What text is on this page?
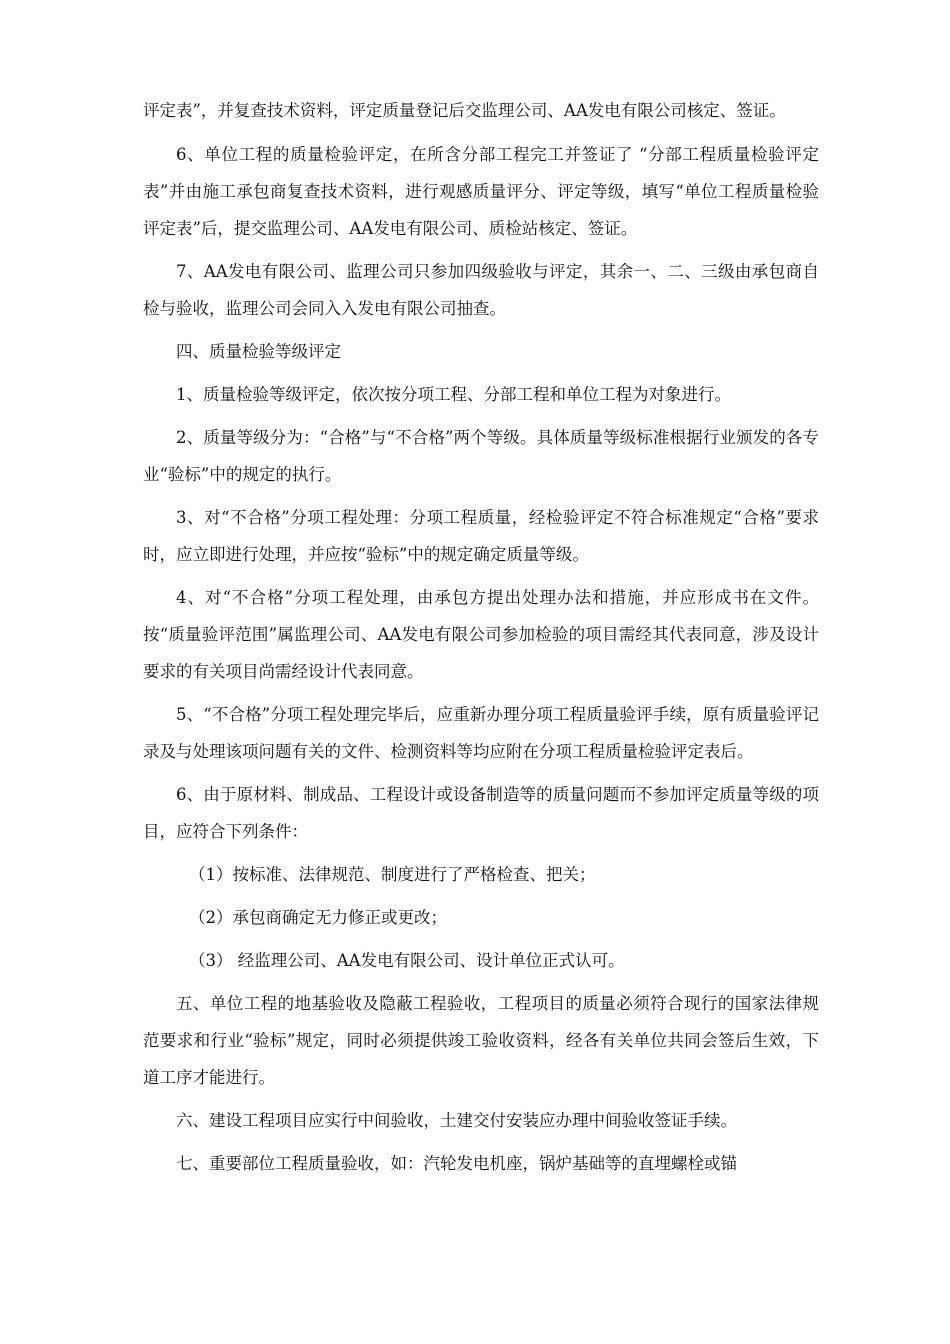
评定表”，并复查技术资料，评定质量登记后交监理公司、AA发电有限公司核定、签证。

6、单位工程的质量检验评定，在所含分部工程完工并签证了 “分部工程质量检验评定表”并由施工承包商复查技术资料，进行观感质量评分、评定等级，填写“单位工程质量检验评定表”后，提交监理公司、AA发电有限公司、质检站核定、签证。

7、AA发电有限公司、监理公司只参加四级验收与评定，其余一、二、三级由承包商自检与验收，监理公司会同入入发电有限公司抽查。

四、质量检验等级评定

1、质量检验等级评定，依次按分项工程、分部工程和单位工程为对象进行。

2、质量等级分为：“合格”与“不合格”两个等级。具体质量等级标准根据行业颁发的各专业“验标”中的规定的执行。

3、对“不合格”分项工程处理：分项工程质量，经检验评定不符合标准规定“合格”要求时，应立即进行处理，并应按“验标”中的规定确定质量等级。

4、对“不合格”分项工程处理，由承包方提出处理办法和措施，并应形成书在文件。按“质量验评范围”属监理公司、AA发电有限公司参加检验的项目需经其代表同意，涉及设计要求的有关项目尚需经设计代表同意。

5、“不合格”分项工程处理完毕后，应重新办理分项工程质量验评手续，原有质量验评记录及与处理该项问题有关的文件、检测资料等均应附在分项工程质量检验评定表后。

6、由于原材料、制成品、工程设计或设备制造等的质量问题而不参加评定质量等级的项目，应符合下列条件：

（1）按标准、法律规范、制度进行了严格检查、把关；

（2）承包商确定无力修正或更改；

（3） 经监理公司、AA发电有限公司、设计单位正式认可。

五、单位工程的地基验收及隐蔽工程验收，工程项目的质量必须符合现行的国家法律规范要求和行业“验标”规定，同时必须提供竣工验收资料，经各有关单位共同会签后生效，下道工序才能进行。

六、建设工程项目应实行中间验收，土建交付安装应办理中间验收签证手续。

七、重要部位工程质量验收，如：汽轮发电机座，锅炉基础等的直埋螺栓或锚
